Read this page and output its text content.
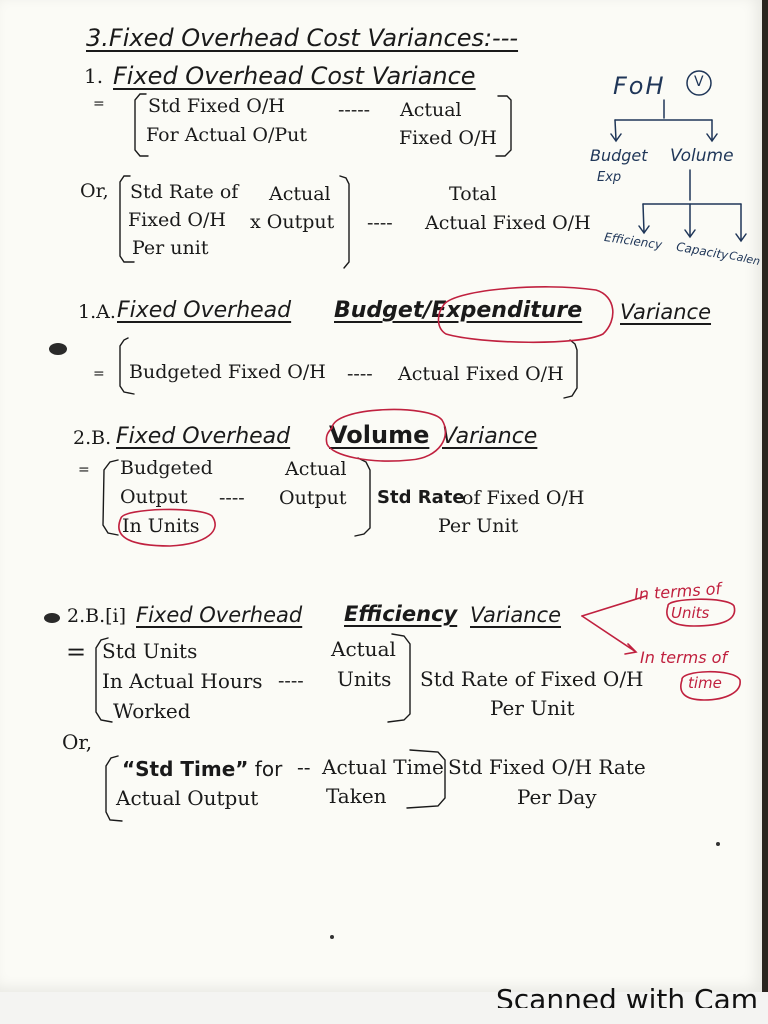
3.Fixed Overhead Cost Variances:---
1. Fixed Overhead Cost Variance
= Std Fixed O/H
For Actual O/Put
----- Actual
Fixed O/H
Or, Std Rate of
Fixed O/H
Per unit
Actual
x Output ----
Total
Actual Fixed O/H
FoH V
Budget
Exp
Volume
Efficiency Capacity
Calen
1.A. Fixed Overhead Budget/Expenditure Variance
= Budgeted Fixed O/H ---- Actual Fixed O/H
2.B. Fixed Overhead Volume Variance
= Budgeted
Output
In Units
----
Actual
Output Std Rate
of Fixed O/H
Per Unit
2.B.[i] Fixed Overhead Efficiency Variance
= Std Units
In Actual Hours
Worked
----
Actual
Units Std Rate of Fixed O/H
Per Unit
Or,
“Std Time” for
Actual Output
-- Actual Time
Taken
Std Fixed O/H Rate
Per Day
In terms of
Units
In terms of
time
Scanned with Cam
